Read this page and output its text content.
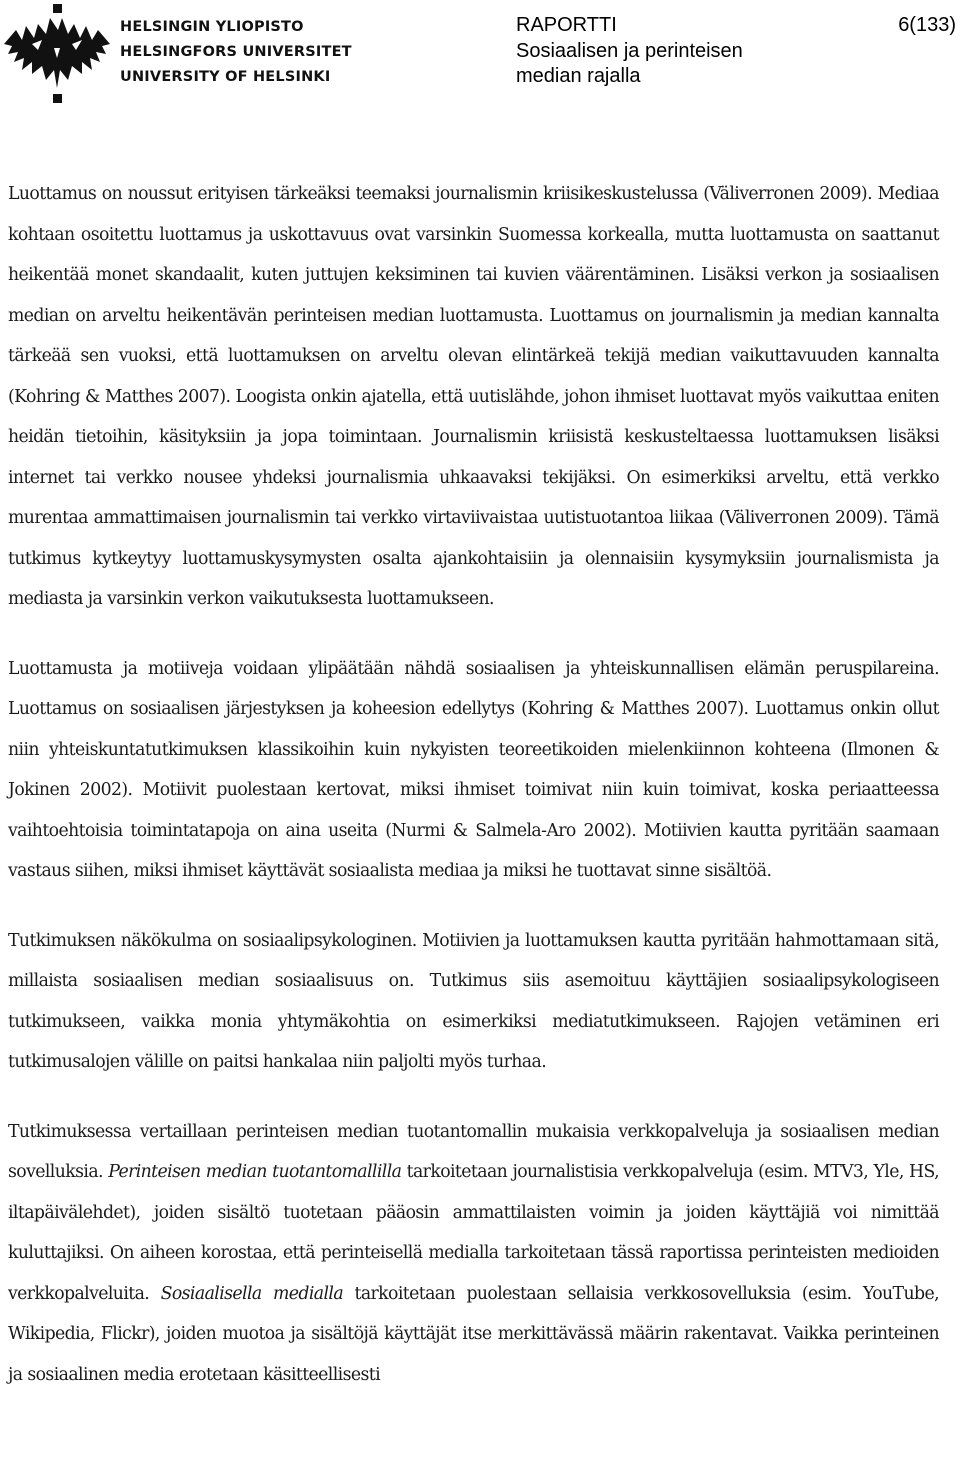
HELSINGIN YLIOPISTO
HELSINGFORS UNIVERSITET
UNIVERSITY OF HELSINKI
RAPORTTI
Sosiaalisen ja perinteisen
median rajalla
6(133)

Luottamus on noussut erityisen tärkeäksi teemaksi journalismin kriisikeskustelussa (Väliverronen 2009). Mediaa kohtaan osoitettu luottamus ja uskottavuus ovat varsinkin Suomessa korkealla, mutta luottamusta on saattanut heikentää monet skandaalit, kuten juttujen keksiminen tai kuvien väärentäminen. Lisäksi verkon ja sosiaalisen median on arveltu heikentävän perinteisen median luottamusta. Luottamus on journalismin ja median kannalta tärkeää sen vuoksi, että luottamuksen on arveltu olevan elintärkeä tekijä median vaikuttavuuden kannalta (Kohring & Matthes 2007). Loogista onkin ajatella, että uutislähde, johon ihmiset luottavat myös vaikuttaa eniten heidän tietoihin, käsityksiin ja jopa toimintaan. Journalismin kriisistä keskusteltaessa luottamuksen lisäksi internet tai verkko nousee yhdeksi journalismia uhkaavaksi tekijäksi. On esimerkiksi arveltu, että verkko murentaa ammattimaisen journalismin tai verkko virtaviivaistaa uutistuotantoa liikaa (Väliverronen 2009). Tämä tutkimus kytkeytyy luottamuskysymysten osalta ajankohtaisiin ja olennaisiin kysymyksiin journalismista ja mediasta ja varsinkin verkon vaikutuksesta luottamukseen.

Luottamusta ja motiiveja voidaan ylipäätään nähdä sosiaalisen ja yhteiskunnallisen elämän peruspilareina. Luottamus on sosiaalisen järjestyksen ja koheesion edellytys (Kohring & Matthes 2007). Luottamus onkin ollut niin yhteiskuntatutkimuksen klassikoihin kuin nykyisten teoreetikoiden mielenkiinnon kohteena (Ilmonen & Jokinen 2002). Motiivit puolestaan kertovat, miksi ihmiset toimivat niin kuin toimivat, koska periaatteessa vaihtoehtoisia toimintatapoja on aina useita (Nurmi & Salmela-Aro 2002). Motiivien kautta pyritään saamaan vastaus siihen, miksi ihmiset käyttävät sosiaalista mediaa ja miksi he tuottavat sinne sisältöä.

Tutkimuksen näkökulma on sosiaalipsykologinen. Motiivien ja luottamuksen kautta pyritään hahmottamaan sitä, millaista sosiaalisen median sosiaalisuus on. Tutkimus siis asemoituu käyttäjien sosiaalipsykologiseen tutkimukseen, vaikka monia yhtymäkohtia on esimerkiksi mediatutkimukseen. Rajojen vetäminen eri tutkimusalojen välille on paitsi hankalaa niin paljolti myös turhaa.

Tutkimuksessa vertaillaan perinteisen median tuotantomallin mukaisia verkkopalveluja ja sosiaalisen median sovelluksia. Perinteisen median tuotantomallilla tarkoitetaan journalistisia verkkopalveluja (esim. MTV3, Yle, HS, iltapäivälehdet), joiden sisältö tuotetaan pääosin ammattilaisten voimin ja joiden käyttäjiä voi nimittää kuluttajiksi. On aiheen korostaa, että perinteisellä medialla tarkoitetaan tässä raportissa perinteisten medioiden verkkopalveluita. Sosiaalisella medialla tarkoitetaan puolestaan sellaisia verkkosovelluksia (esim. YouTube, Wikipedia, Flickr), joiden muotoa ja sisältöjä käyttäjät itse merkittävässä määrin rakentavat. Vaikka perinteinen ja sosiaalinen media erotetaan käsitteellisesti
